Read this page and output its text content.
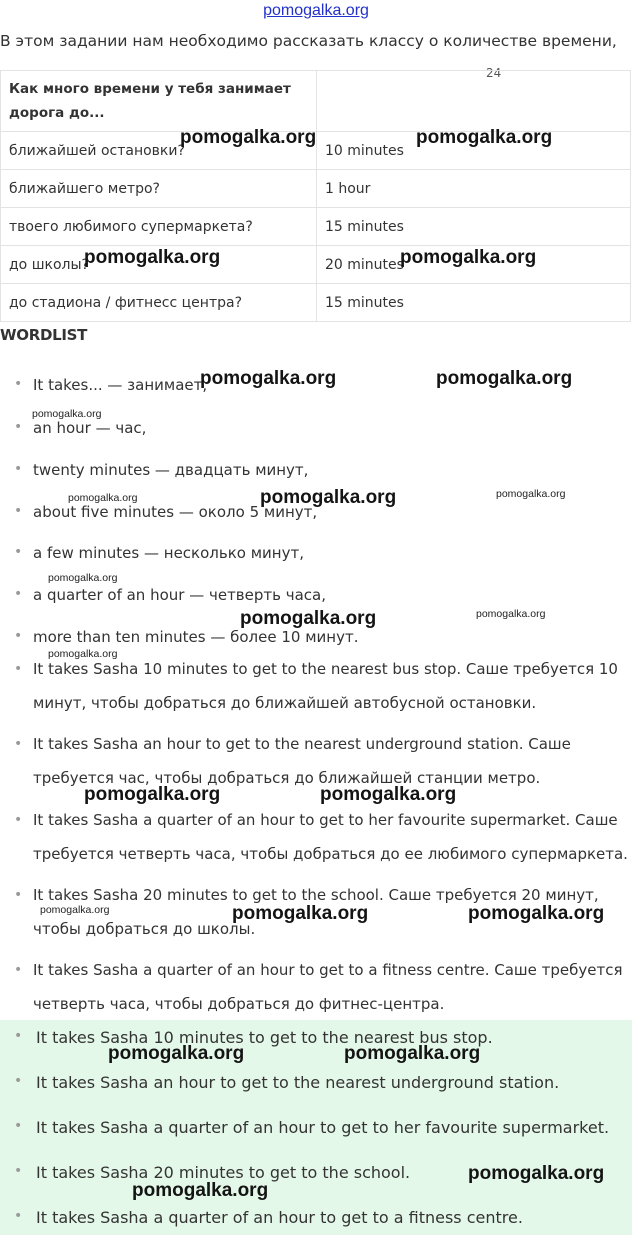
pomogalka.org
В этом задании нам необходимо рассказать классу о количестве времени,
24
Как много времени у тебя занимает дорога до...	
ближайшей остановки?	10 minutes
ближайшего метро?	1 hour
твоего любимого супермаркета?	15 minutes
до школы?	20 minutes
до стадиона / фитнесс центра?	15 minutes
WORDLIST
• It takes... — занимает,
• an hour — час,
• twenty minutes — двадцать минут,
• about five minutes — около 5 минут,
• a few minutes — несколько минут,
• a quarter of an hour — четверть часа,
• more than ten minutes — более 10 минут.
• It takes Sasha 10 minutes to get to the nearest bus stop. Саше требуется 10 минут, чтобы добраться до ближайшей автобусной остановки.
• It takes Sasha an hour to get to the nearest underground station. Саше требуется час, чтобы добраться до ближайшей станции метро.
• It takes Sasha a quarter of an hour to get to her favourite supermarket. Саше требуется четверть часа, чтобы добраться до ее любимого супермаркета.
• It takes Sasha 20 minutes to get to the school. Саше требуется 20 минут, чтобы добраться до школы.
• It takes Sasha a quarter of an hour to get to a fitness centre. Саше требуется четверть часа, чтобы добраться до фитнес-центра.
• It takes Sasha 10 minutes to get to the nearest bus stop.
• It takes Sasha an hour to get to the nearest underground station.
• It takes Sasha a quarter of an hour to get to her favourite supermarket.
• It takes Sasha 20 minutes to get to the school.
• It takes Sasha a quarter of an hour to get to a fitness centre.
pomogalka.org	pomogalka.org
pomogalka.org	pomogalka.org
pomogalka.org	pomogalka.org
pomogalka.org
pomogalka.org	pomogalka.org	pomogalka.org
pomogalka.org
pomogalka.org	pomogalka.org
pomogalka.org
pomogalka.org	pomogalka.org
pomogalka.org	pomogalka.org	pomogalka.org
pomogalka.org	pomogalka.org
pomogalka.org
pomogalka.org
